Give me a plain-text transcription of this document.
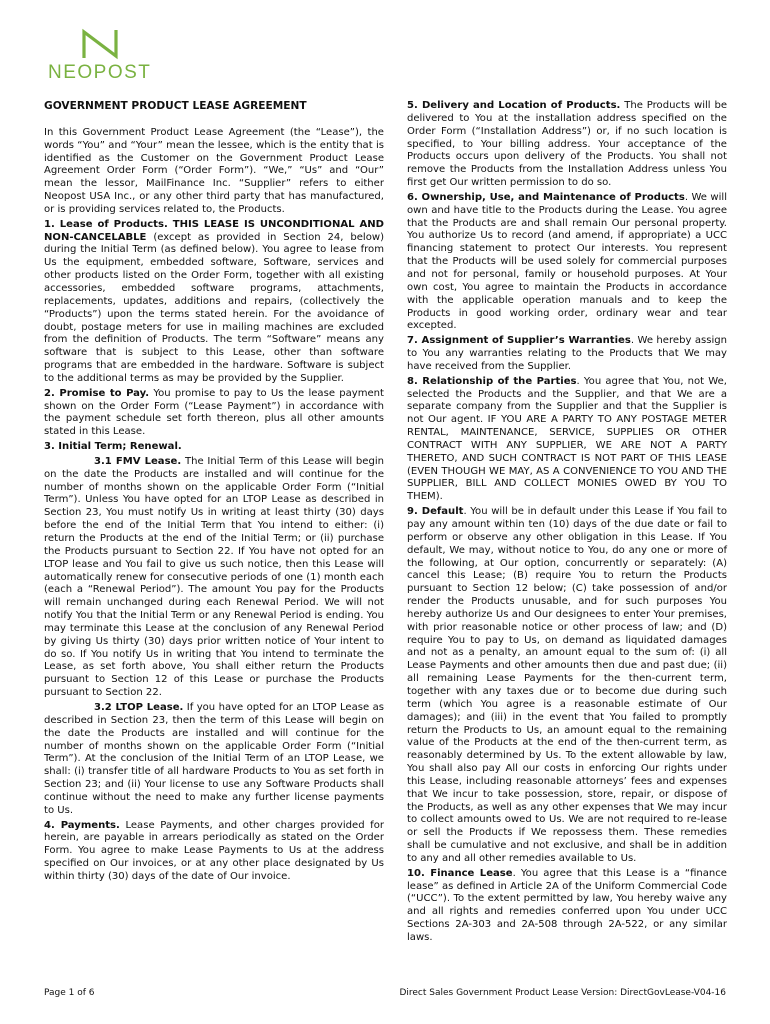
NEOPOST

GOVERNMENT PRODUCT LEASE AGREEMENT

In this Government Product Lease Agreement (the “Lease”), the words “You” and “Your” mean the lessee, which is the entity that is identified as the Customer on the Government Product Lease Agreement Order Form (“Order Form”). “We,” “Us” and “Our” mean the lessor, MailFinance Inc. “Supplier” refers to either Neopost USA Inc., or any other third party that has manufactured, or is providing services related to, the Products.

1. Lease of Products. THIS LEASE IS UNCONDITIONAL AND NON-CANCELABLE (except as provided in Section 24, below) during the Initial Term (as defined below). You agree to lease from Us the equipment, embedded software, Software, services and other products listed on the Order Form, together with all existing accessories, embedded software programs, attachments, replacements, updates, additions and repairs, (collectively the “Products”) upon the terms stated herein. For the avoidance of doubt, postage meters for use in mailing machines are excluded from the definition of Products. The term “Software” means any software that is subject to this Lease, other than software programs that are embedded in the hardware. Software is subject to the additional terms as may be provided by the Supplier.

2. Promise to Pay. You promise to pay to Us the lease payment shown on the Order Form (“Lease Payment”) in accordance with the payment schedule set forth thereon, plus all other amounts stated in this Lease.

3. Initial Term; Renewal.

3.1 FMV Lease. The Initial Term of this Lease will begin on the date the Products are installed and will continue for the number of months shown on the applicable Order Form (“Initial Term”). Unless You have opted for an LTOP Lease as described in Section 23, You must notify Us in writing at least thirty (30) days before the end of the Initial Term that You intend to either: (i) return the Products at the end of the Initial Term; or (ii) purchase the Products pursuant to Section 22. If You have not opted for an LTOP lease and You fail to give us such notice, then this Lease will automatically renew for consecutive periods of one (1) month each (each a “Renewal Period”). The amount You pay for the Products will remain unchanged during each Renewal Period. We will not notify You that the Initial Term or any Renewal Period is ending. You may terminate this Lease at the conclusion of any Renewal Period by giving Us thirty (30) days prior written notice of Your intent to do so. If You notify Us in writing that You intend to terminate the Lease, as set forth above, You shall either return the Products pursuant to Section 12 of this Lease or purchase the Products pursuant to Section 22.

3.2 LTOP Lease. If you have opted for an LTOP Lease as described in Section 23, then the term of this Lease will begin on the date the Products are installed and will continue for the number of months shown on the applicable Order Form (“Initial Term”). At the conclusion of the Initial Term of an LTOP Lease, we shall: (i) transfer title of all hardware Products to You as set forth in Section 23; and (ii) Your license to use any Software Products shall continue without the need to make any further license payments to Us.

4. Payments. Lease Payments, and other charges provided for herein, are payable in arrears periodically as stated on the Order Form. You agree to make Lease Payments to Us at the address specified on Our invoices, or at any other place designated by Us within thirty (30) days of the date of Our invoice.

5. Delivery and Location of Products. The Products will be delivered to You at the installation address specified on the Order Form (“Installation Address”) or, if no such location is specified, to Your billing address. Your acceptance of the Products occurs upon delivery of the Products. You shall not remove the Products from the Installation Address unless You first get Our written permission to do so.

6. Ownership, Use, and Maintenance of Products. We will own and have title to the Products during the Lease. You agree that the Products are and shall remain Our personal property. You authorize Us to record (and amend, if appropriate) a UCC financing statement to protect Our interests. You represent that the Products will be used solely for commercial purposes and not for personal, family or household purposes. At Your own cost, You agree to maintain the Products in accordance with the applicable operation manuals and to keep the Products in good working order, ordinary wear and tear excepted.

7. Assignment of Supplier’s Warranties. We hereby assign to You any warranties relating to the Products that We may have received from the Supplier.

8. Relationship of the Parties. You agree that You, not We, selected the Products and the Supplier, and that We are a separate company from the Supplier and that the Supplier is not Our agent. IF YOU ARE A PARTY TO ANY POSTAGE METER RENTAL, MAINTENANCE, SERVICE, SUPPLIES OR OTHER CONTRACT WITH ANY SUPPLIER, WE ARE NOT A PARTY THERETO, AND SUCH CONTRACT IS NOT PART OF THIS LEASE (EVEN THOUGH WE MAY, AS A CONVENIENCE TO YOU AND THE SUPPLIER, BILL AND COLLECT MONIES OWED BY YOU TO THEM).

9. Default. You will be in default under this Lease if You fail to pay any amount within ten (10) days of the due date or fail to perform or observe any other obligation in this Lease. If You default, We may, without notice to You, do any one or more of the following, at Our option, concurrently or separately: (A) cancel this Lease; (B) require You to return the Products pursuant to Section 12 below; (C) take possession of and/or render the Products unusable, and for such purposes You hereby authorize Us and Our designees to enter Your premises, with prior reasonable notice or other process of law; and (D) require You to pay to Us, on demand as liquidated damages and not as a penalty, an amount equal to the sum of: (i) all Lease Payments and other amounts then due and past due; (ii) all remaining Lease Payments for the then-current term, together with any taxes due or to become due during such term (which You agree is a reasonable estimate of Our damages); and (iii) in the event that You failed to promptly return the Products to Us, an amount equal to the remaining value of the Products at the end of the then-current term, as reasonably determined by Us. To the extent allowable by law, You shall also pay All our costs in enforcing Our rights under this Lease, including reasonable attorneys’ fees and expenses that We incur to take possession, store, repair, or dispose of the Products, as well as any other expenses that We may incur to collect amounts owed to Us. We are not required to re-lease or sell the Products if We repossess them. These remedies shall be cumulative and not exclusive, and shall be in addition to any and all other remedies available to Us.

10. Finance Lease. You agree that this Lease is a “finance lease” as defined in Article 2A of the Uniform Commercial Code (“UCC”). To the extent permitted by law, You hereby waive any and all rights and remedies conferred upon You under UCC Sections 2A-303 and 2A-508 through 2A-522, or any similar laws.

Page 1 of 6	Direct Sales Government Product Lease Version: DirectGovLease-V04-16
